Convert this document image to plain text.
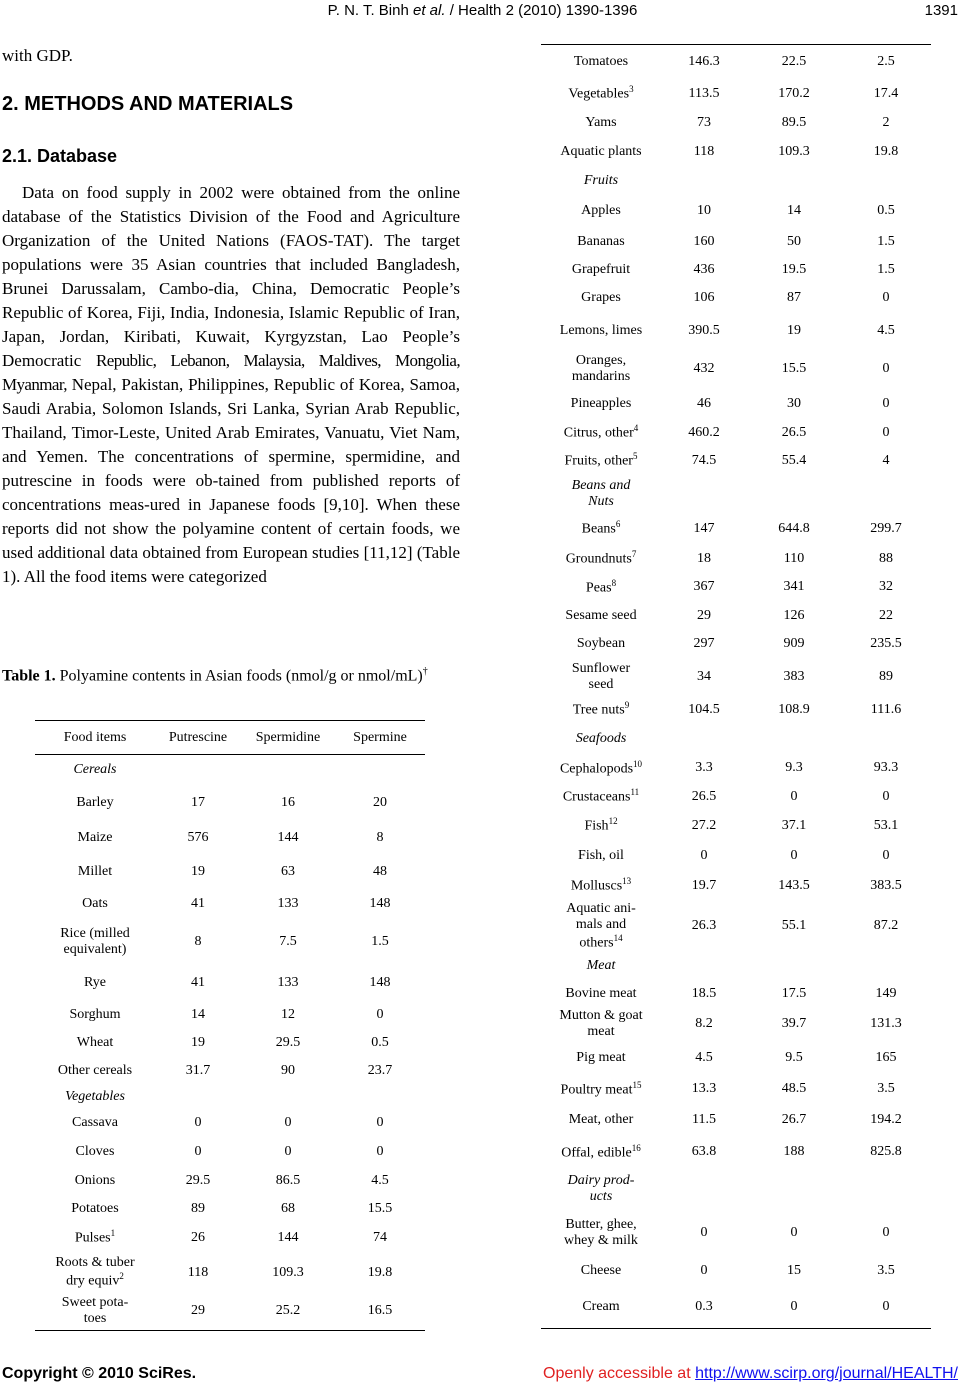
P. N. T. Binh et al. / Health 2 (2010) 1390-1396	1391
with GDP.
2. METHODS AND MATERIALS
2.1. Database

Data on food supply in 2002 were obtained from the online database of the Statistics Division of the Food and Agriculture Organization of the United Nations (FAOS-TAT). The target populations were 35 Asian countries that included Bangladesh, Brunei Darussalam, Cambo-dia, China, Democratic People’s Republic of Korea, Fiji, India, Indonesia, Islamic Republic of Iran, Japan, Jordan, Kiribati, Kuwait, Kyrgyzstan, Lao People’s Democratic Republic, Lebanon, Malaysia, Maldives, Mongolia, Myanmar, Nepal, Pakistan, Philippines, Republic of Korea, Samoa, Saudi Arabia, Solomon Islands, Sri Lanka, Syrian Arab Republic, Thailand, Timor-Leste, United Arab Emirates, Vanuatu, Viet Nam, and Yemen. The concentrations of spermine, spermidine, and putrescine in foods were ob-tained from published reports of concentrations meas-ured in Japanese foods [9,10]. When these reports did not show the polyamine content of certain foods, we used additional data obtained from European studies [11,12] (Table 1). All the food items were categorized

Table 1. Polyamine contents in Asian foods (nmol/g or nmol/mL)†
Food items	Putrescine	Spermidine	Spermine
Cereals			
Barley	17	16	20
Maize	576	144	8
Millet	19	63	48
Oats	41	133	148
Rice (milled
equivalent)	8	7.5	1.5
Rye	41	133	148
Sorghum	14	12	0
Wheat	19	29.5	0.5
Other cereals	31.7	90	23.7
Vegetables			
Cassava	0	0	0
Cloves	0	0	0
Onions	29.5	86.5	4.5
Potatoes	89	68	15.5
Pulses$^1$	26	144	74
Roots & tuber
dry equiv$^2$	118	109.3	19.8
Sweet pota-
toes	29	25.2	16.5
Tomatoes	146.3	22.5	2.5
Vegetables$^3$	113.5	170.2	17.4
Yams	73	89.5	2
Aquatic plants	118	109.3	19.8
Fruits			
Apples	10	14	0.5
Bananas	160	50	1.5
Grapefruit	436	19.5	1.5
Grapes	106	87	0
Lemons, limes	390.5	19	4.5
Oranges,
mandarins	432	15.5	0
Pineapples	46	30	0
Citrus, other$^4$	460.2	26.5	0
Fruits, other$^5$	74.5	55.4	4
Beans and
Nuts			
Beans$^6$	147	644.8	299.7
Groundnuts$^7$	18	110	88
Peas$^8$	367	341	32
Sesame seed	29	126	22
Soybean	297	909	235.5
Sunflower
seed	34	383	89
Tree nuts$^9$	104.5	108.9	111.6
Seafoods			
Cephalopods$^{10}$	3.3	9.3	93.3
Crustaceans$^{11}$	26.5	0	0
Fish$^{12}$	27.2	37.1	53.1
Fish, oil	0	0	0
Molluscs$^{13}$	19.7	143.5	383.5
Aquatic ani-
mals and
others$^{14}$	26.3	55.1	87.2
Meat			
Bovine meat	18.5	17.5	149
Mutton & goat
meat	8.2	39.7	131.3
Pig meat	4.5	9.5	165
Poultry meat$^{15}$	13.3	48.5	3.5
Meat, other	11.5	26.7	194.2
Offal, edible$^{16}$	63.8	188	825.8
Dairy prod-
ucts			
Butter, ghee,
whey & milk	0	0	0
Cheese	0	15	3.5
Cream	0.3	0	0
Copyright © 2010 SciRes.	Openly accessible at http://www.scirp.org/journal/HEALTH/
